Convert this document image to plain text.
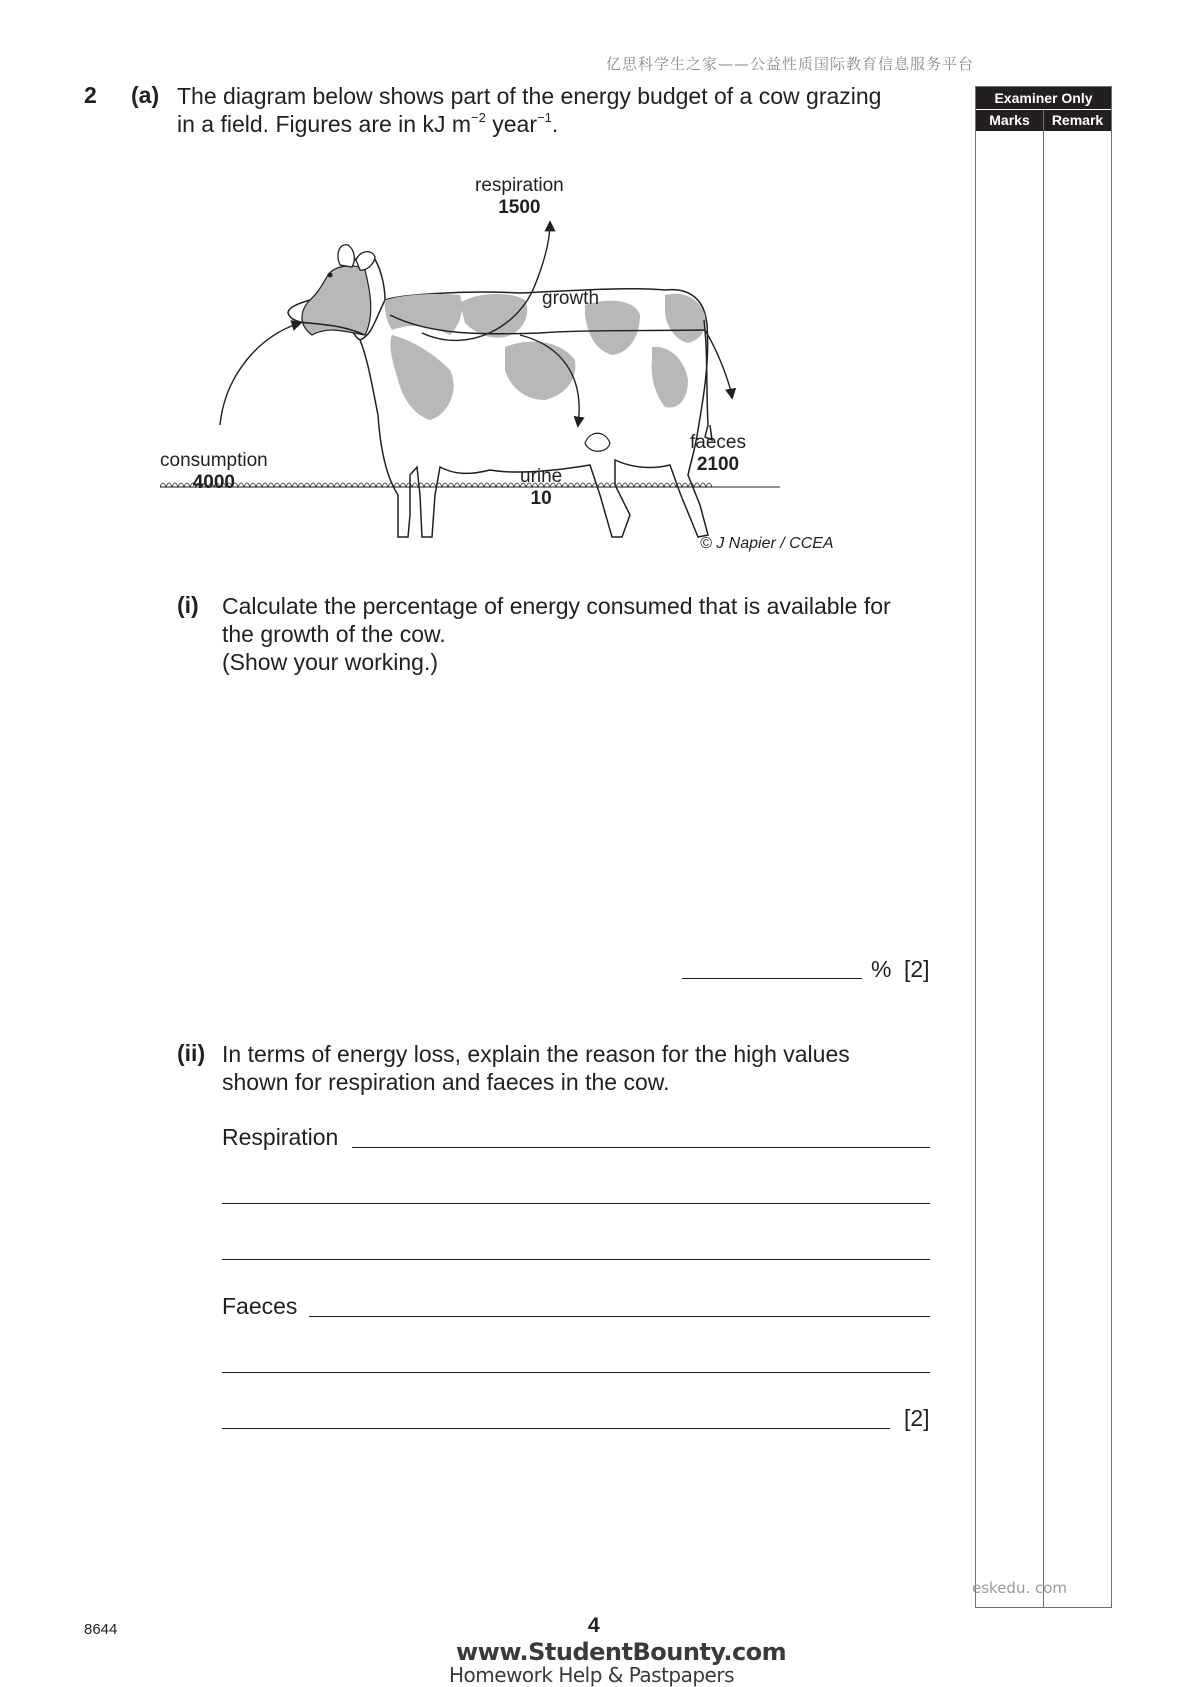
亿思科学生之家——公益性质国际教育信息服务平台
2 (a) The diagram below shows part of the energy budget of a cow grazing
in a field. Figures are in kJ $m^{-2}$ year$^{-1}$.
Examiner Only
Marks	Remark
eskedu. com
respiration
1500
growth
consumption
4000	urine
10
faeces
2100
© J Napier / CCEA
(i) Calculate the percentage of energy consumed that is available for
the growth of the cow.
(Show your working.)
% [2]
(ii) In terms of energy loss, explain the reason for the high values
shown for respiration and faeces in the cow.
Respiration
Faeces
[2]
8644	4
www.StudentBounty.com
Homework Help & Pastpapers
